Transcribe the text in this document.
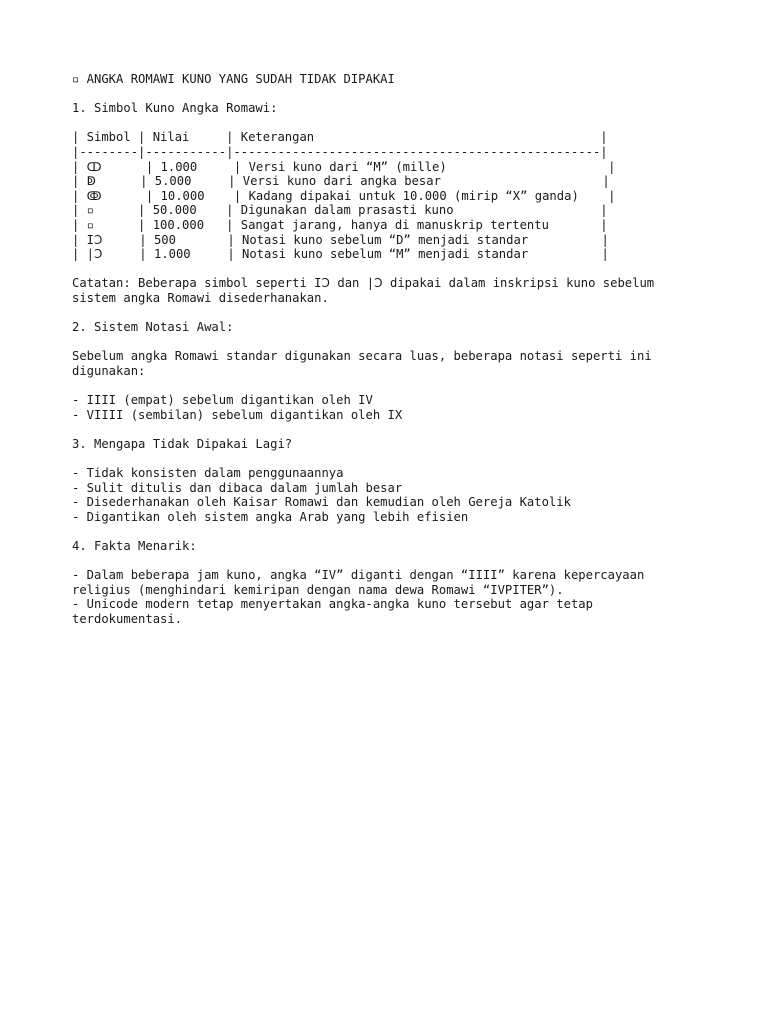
▫ ANGKA ROMAWI KUNO YANG SUDAH TIDAK DIPAKAI
1. Simbol Kuno Angka Romawi:
| Simbol | Nilai     | Keterangan                                       |
|--------|-----------|--------------------------------------------------|
| ↀ      | 1.000     | Versi kuno dari “M” (mille)                      |
| ↁ      | 5.000     | Versi kuno dari angka besar                      |
| ↂ      | 10.000    | Kadang dipakai untuk 10.000 (mirip “X” ganda)    |
| ▫      | 50.000    | Digunakan dalam prasasti kuno                    |
| ▫      | 100.000   | Sangat jarang, hanya di manuskrip tertentu       |
| IↃ     | 500       | Notasi kuno sebelum “D” menjadi standar          |
| |Ↄ     | 1.000     | Notasi kuno sebelum “M” menjadi standar          |
Catatan: Beberapa simbol seperti IↃ dan |Ↄ dipakai dalam inskripsi kuno sebelum
sistem angka Romawi disederhanakan.
2. Sistem Notasi Awal:
Sebelum angka Romawi standar digunakan secara luas, beberapa notasi seperti ini
digunakan:
- IIII (empat) sebelum digantikan oleh IV
- VIIII (sembilan) sebelum digantikan oleh IX
3. Mengapa Tidak Dipakai Lagi?
- Tidak konsisten dalam penggunaannya
- Sulit ditulis dan dibaca dalam jumlah besar
- Disederhanakan oleh Kaisar Romawi dan kemudian oleh Gereja Katolik
- Digantikan oleh sistem angka Arab yang lebih efisien
4. Fakta Menarik:
- Dalam beberapa jam kuno, angka “IV” diganti dengan “IIII” karena kepercayaan
religius (menghindari kemiripan dengan nama dewa Romawi “IVPITER”).
- Unicode modern tetap menyertakan angka-angka kuno tersebut agar tetap
terdokumentasi.
